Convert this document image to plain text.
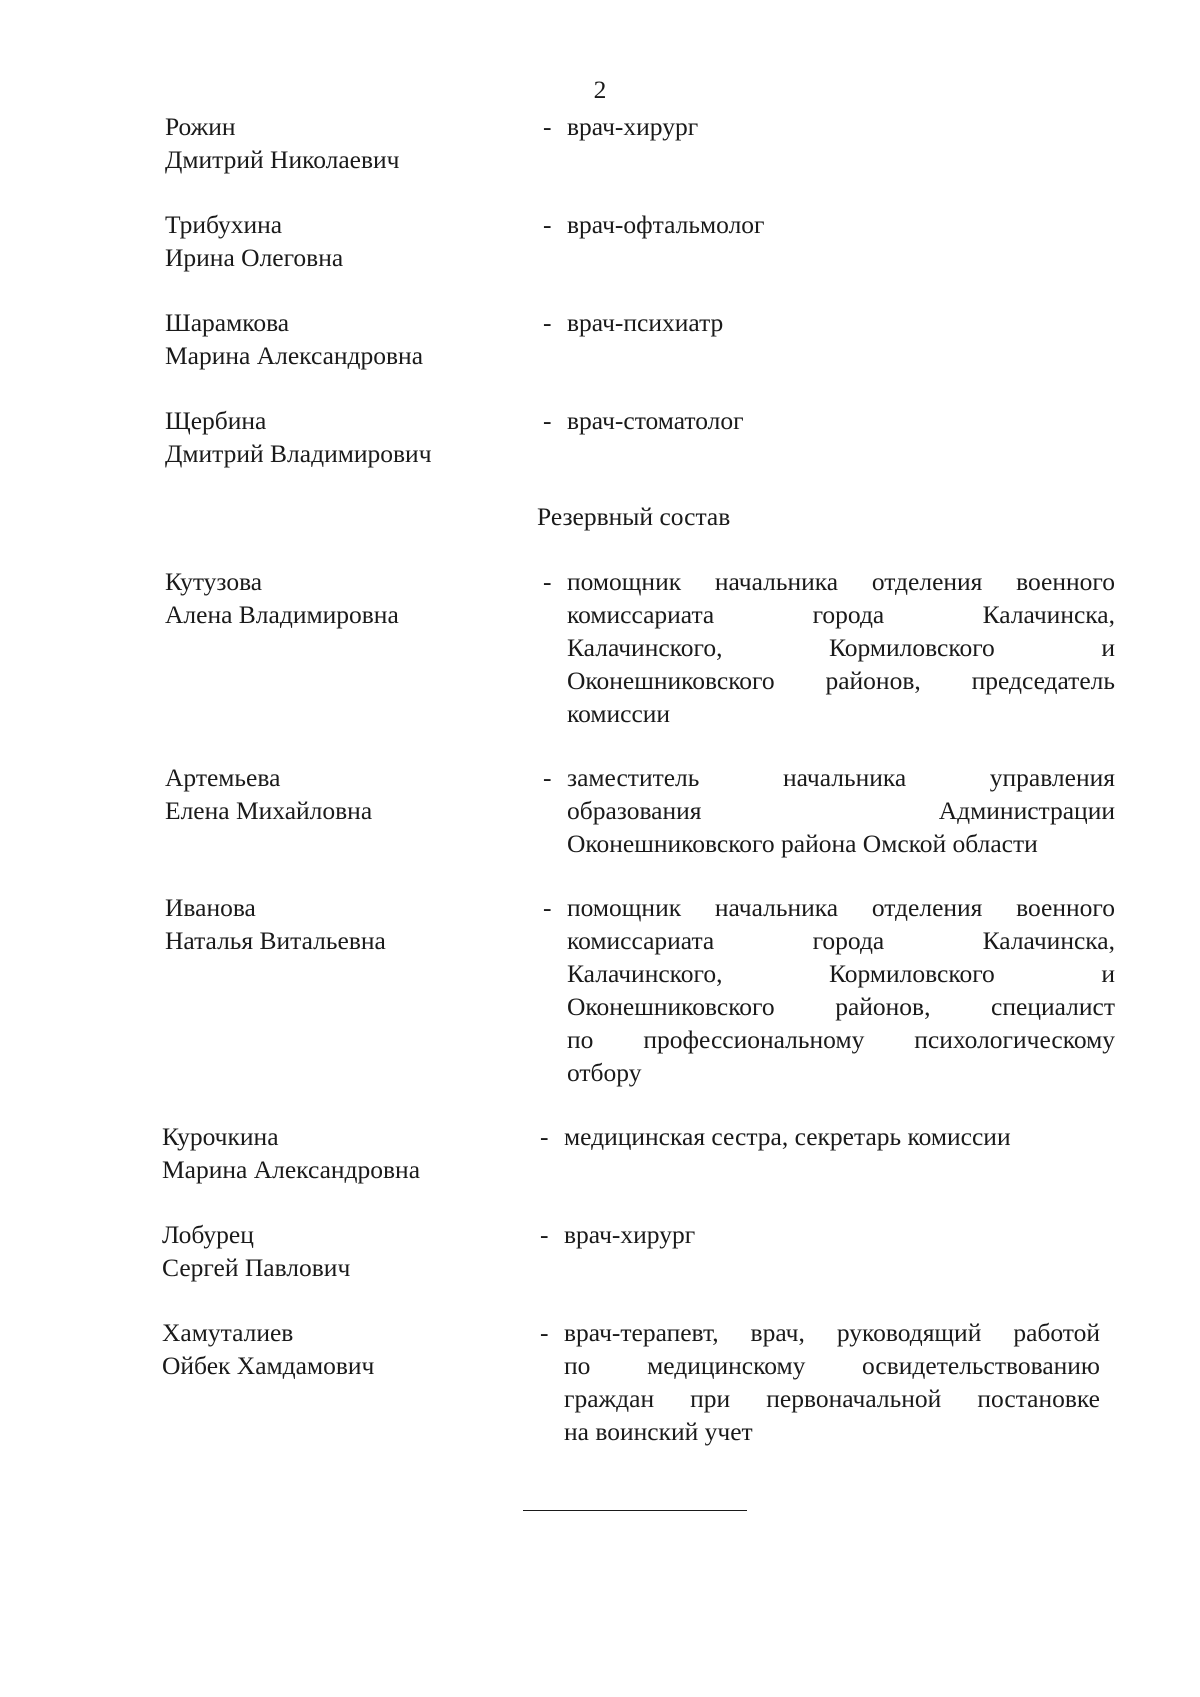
2
Рожин
Дмитрий Николаевич
- врач-хирург
Трибухина
Ирина Олеговна
- врач-офтальмолог
Шарамкова
Марина Александровна
- врач-психиатр
Щербина
Дмитрий Владимирович
- врач-стоматолог
Резервный состав
Кутузова
Алена Владимировна
- помощник начальника отделения военного
комиссариата города Калачинска,
Калачинского, Кормиловского и
Оконешниковского районов, председатель
комиссии
Артемьева
Елена Михайловна
- заместитель начальника управления
образования Администрации
Оконешниковского района Омской области
Иванова
Наталья Витальевна
- помощник начальника отделения военного
комиссариата города Калачинска,
Калачинского, Кормиловского и
Оконешниковского районов, специалист
по профессиональному психологическому
отбору
Курочкина
Марина Александровна
- медицинская сестра, секретарь комиссии
Лобурец
Сергей Павлович
- врач-хирург
Хамуталиев
Ойбек Хамдамович
- врач-терапевт, врач, руководящий работой
по медицинскому освидетельствованию
граждан при первоначальной постановке
на воинский учет
